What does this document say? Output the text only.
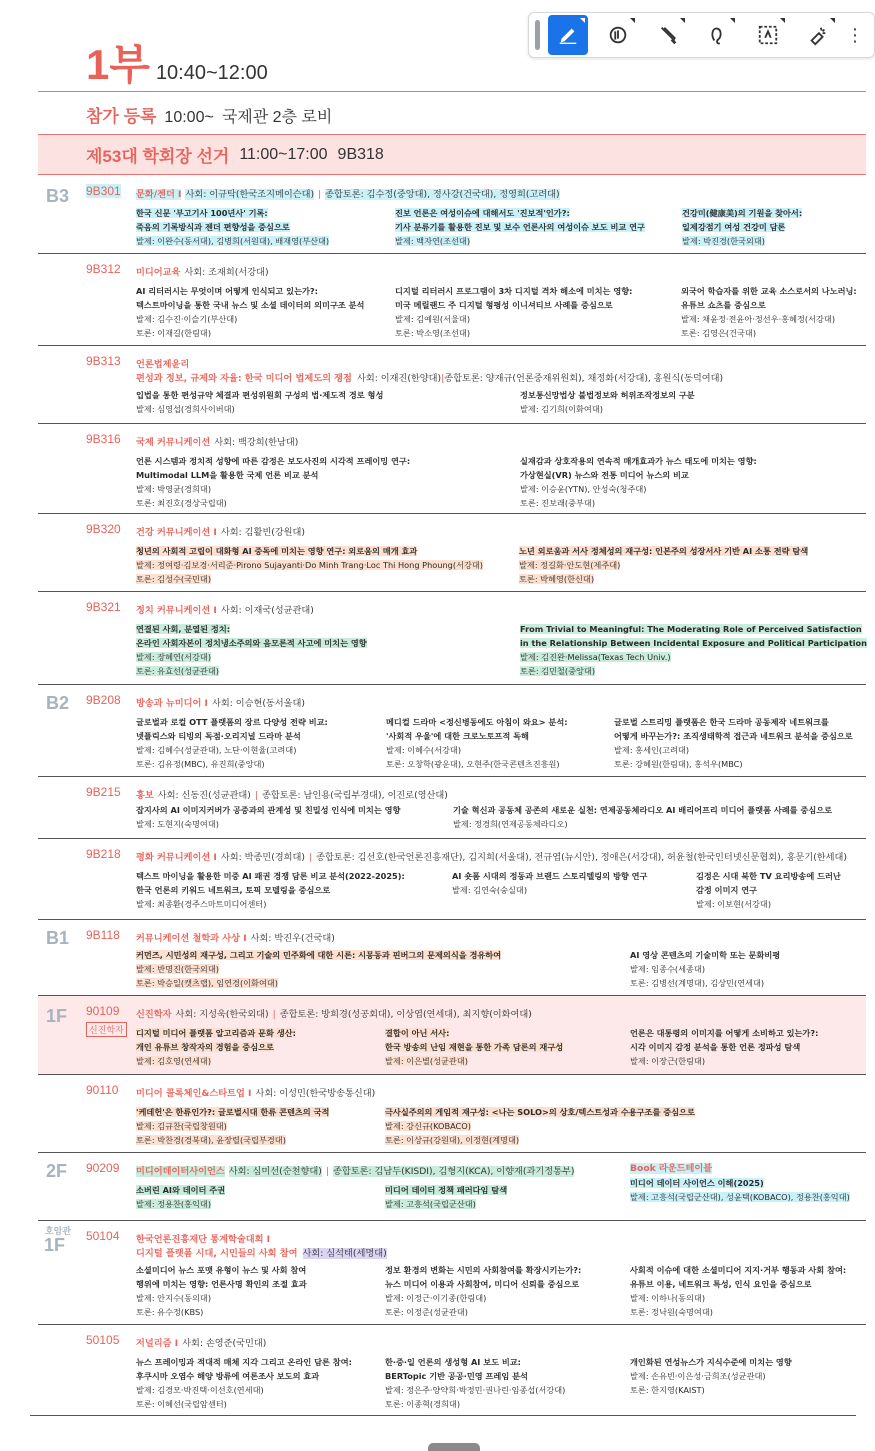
⋮
1부 10:40~12:00
참가 등록 10:00~ 국제관 2층 로비
제53대 학회장 선거 11:00~17:00 9B318
B3 9B301 문화/젠더 I 사회: 이규탁(한국조지메이슨대) | 종합토론: 김수정(중앙대), 정사강(건국대), 정영희(고려대)
한국 신문 '부고기사 100년사' 기록:
죽음의 기록방식과 젠더 편향성을 중심으로
발제: 이완수(동서대), 김병희(서원대), 배재영(부산대)
진보 언론은 여성이슈에 대해서도 '진보적'인가?:
기사 분류기를 활용한 진보 및 보수 언론사의 여성이슈 보도 비교 연구
발제: 백자연(조선대)
건강미(健康美)의 기원을 찾아서:
일제강점기 여성 건강미 담론
발제: 박진경(한국외대)
9B312 미디어교육 사회: 조재희(서강대)
AI 리터러시는 무엇이며 어떻게 인식되고 있는가?:
텍스트마이닝을 통한 국내 뉴스 및 소셜 데이터의 의미구조 분석
발제: 김수진·이슬기(부산대)
토론: 이재길(한림대)
디지털 리터러시 프로그램이 3차 디지털 격차 해소에 미치는 영향:
미국 메릴랜드 주 디지털 형평성 이니셔티브 사례를 중심으로
발제: 김예원(서울대)
토론: 박소영(조선대)
외국어 학습자를 위한 교육 소스로서의 나노러닝:
유튜브 쇼츠를 중심으로
발제: 채윤정·전윤아·정선우·홍혜정(서강대)
토론: 김영은(건국대)
9B313 언론법제윤리
편성과 정보, 규제와 자율: 한국 미디어 법제도의 쟁점 사회: 이재진(한양대)|종합토론: 양재규(언론중재위원회), 채정화(서강대), 홍원식(동덕여대)
입법을 통한 편성규약 체결과 편성위원회 구성의 법·제도적 경로 형성
발제: 심영섭(경희사이버대)
정보통신망법상 불법정보와 허위조작정보의 구분
발제: 김기희(이화여대)
9B316 국제 커뮤니케이션 사회: 백강희(한남대)
언론 시스템과 정치적 성향에 따른 감정은 보도사진의 시각적 프레이밍 연구:
Multimodal LLM을 활용한 국제 언론 비교 분석
발제: 박영균(경희대)
토론: 최진호(경상국립대)
실재감과 상호작용의 연속적 매개효과가 뉴스 태도에 미치는 영향:
가상현실(VR) 뉴스와 전통 미디어 뉴스의 비교
발제: 이승윤(YTN), 안성숙(청주대)
토론: 진보래(중부대)
9B320 건강 커뮤니케이션 I 사회: 김활빈(강원대)
청년의 사회적 고립이 대화형 AI 중독에 미치는 영향 연구: 외로움의 매개 효과
발제: 정여령·김보경·서리준·Pirono Sujayanti·Do Minh Trang·Loc Thi Hong Phoung(서강대)
토론: 김성수(국민대)
노년 외로움과 서사 정체성의 재구성: 인본주의 성장서사 기반 AI 소통 전략 탐색
발제: 정길화·안도현(제주대)
토론: 박혜영(한신대)
9B321 정치 커뮤니케이션 I 사회: 이재국(성균관대)
연결된 사회, 분열된 정치:
온라인 사회자본이 정치냉소주의와 음모론적 사고에 미치는 영향
발제: 장혜연(서강대)
토론: 유효선(성균관대)
From Trivial to Meaningful: The Moderating Role of Perceived Satisfaction
in the Relationship Between Incidental Exposure and Political Participation
발제: 김진완·Melissa(Texas Tech Univ.)
토론: 김민철(중앙대)
B2 9B208 방송과 뉴미디어 I 사회: 이승현(동서울대)
글로벌과 로컬 OTT 플랫폼의 장르 다양성 전략 비교:
넷플릭스와 티빙의 독점·오리지널 드라마 분석
발제: 김혜수(성균관대), 노단·이현율(고려대)
토론: 김유정(MBC), 유진희(중앙대)
메디컬 드라마 <정신병동에도 아침이 와요> 분석:
'사회적 우울'에 대한 크로노토프적 독해
발제: 이혜수(서강대)
토론: 오창학(광운대), 오현주(한국콘텐츠진흥원)
글로벌 스트리밍 플랫폼은 한국 드라마 공동제작 네트워크를
어떻게 바꾸는가?: 조직생태학적 접근과 네트워크 분석을 중심으로
발제: 홍세인(고려대)
토론: 강혜원(한림대), 홍석우(MBC)
9B215 홍보 사회: 신동진(성균관대) | 종합토론: 남인용(국립부경대), 이진로(영산대)
잡지사의 AI 이미지커버가 공중과의 관계성 및 친밀성 인식에 미치는 영향
발제: 도현지(숙명여대)
기술 혁신과 공동체 공존의 새로운 실천: 연제공동체라디오 AI 배리어프리 미디어 플랫폼 사례를 중심으로
발제: 정경희(연제공동체라디오)
9B218 평화 커뮤니케이션 I 사회: 박종민(경희대) | 종합토론: 김선호(한국언론진흥재단), 김지희(서울대), 전규엽(뉴시안), 정애은(서강대), 허윤철(한국인터넷신문협회), 홍문기(한세대)
텍스트 마이닝을 활용한 미중 AI 패권 경쟁 담론 비교 분석(2022-2025):
한국 언론의 키워드 네트워크, 토픽 모델링을 중심으로
발제: 최종환(경주스마트미디어센터)
AI 숏폼 시대의 정동과 브랜드 스토리텔링의 방향 연구
발제: 김연숙(숭실대)
김정은 시대 북한 TV 요리방송에 드러난
감정 이미지 연구
발제: 이보현(서강대)
B1 9B118 커뮤니케이션 철학과 사상 I 사회: 박진우(건국대)
커먼즈, 시민성의 재구성, 그리고 기술의 민주화에 대한 시론: 시몽동과 핀버그의 문제의식을 경유하여
발제: 반명진(한국외대)
토론: 박승일(캣츠랩), 임연경(이화여대)
AI 영상 콘텐츠의 기술미학 또는 문화비평
발제: 임종수(세종대)
토론: 김병선(계명대), 김상민(연세대)
1F 90109
신진학자
신진학자 사회: 지성욱(한국외대) | 종합토론: 방희경(성공회대), 이상엽(연세대), 최지향(이화여대)
디지털 미디어 플랫폼 알고리즘과 문화 생산:
개인 유튜브 창작자의 경험을 중심으로
발제: 김호영(연세대)
결합이 아닌 서사:
한국 방송의 난임 재현을 통한 가족 담론의 재구성
발제: 이은별(성균관대)
언론은 대통령의 이미지를 어떻게 소비하고 있는가?:
시각 이미지 감정 분석을 통한 언론 정파성 탐색
발제: 이장근(한림대)
90110 미디어 콜록체인&스타트업 I 사회: 이성민(한국방송통신대)
'케데헌'은 한류인가?: 글로벌시대 한류 콘텐츠의 국적
발제: 김규찬(국립창원대)
토론: 박찬경(경북대), 윤장렬(국립부경대)
극사실주의의 게임적 재구성: <나는 SOLO>의 상호/텍스트성과 수용구조를 중심으로
발제: 강신규(KOBACO)
토론: 이상규(강원대), 이정현(계명대)
2F 90209 미디어데이터사이언스 사회: 심미선(순천향대) | 종합토론: 김남두(KISDI), 김형지(KCA), 이향재(과기정통부)
소버린 AI와 데이터 주권
발제: 정용찬(홍익대)
미디어 데이터 정책 패러다임 탐색
발제: 고흥석(국립군산대)
Book 라운드테이블
미디어 데이터 사이언스 이해(2025)
발제: 고흥석(국립군산대), 성윤택(KOBACO), 정용찬(홍익대)
호암관
1F	50104 한국언론진흥재단 통계학술대회 I
디지털 플랫폼 시대, 시민들의 사회 참여 사회: 심석태(세명대)
소셜미디어 뉴스 포맷 유형이 뉴스 및 사회 참여
행위에 미치는 영향: 언론사명 확인의 조절 효과
발제: 안지수(동의대)
토론: 유수정(KBS)
정보 환경의 변화는 시민의 사회참여를 확장시키는가?:
뉴스 미디어 이용과 사회참여, 미디어 신뢰를 중심으로
발제: 이정근·이기종(한림대)
토론: 이정준(성균관대)
사회적 이슈에 대한 소셜미디어 지지·거부 행동과 사회 참여:
유튜브 이용, 네트워크 특성, 인식 요인을 중심으로
발제: 이하나(동의대)
토론: 정낙원(숙명여대)
50105 저널리즘 I 사회: 손영준(국민대)
뉴스 프레이밍과 적대적 매체 지각 그리고 온라인 담론 참여:
후쿠시마 오염수 해양 방류에 여론조사 보도의 효과
발제: 김경모·박진택·이선호(연세대)
토론: 이혜선(국립암센터)
한·중·일 언론의 생성형 AI 보도 비교:
BERTopic 기반 공공·민영 프레임 분석
발제: 정은주·양약희·박정민·권나린·임종섭(서강대)
토론: 이종혁(경희대)
개인화된 연성뉴스가 지식수준에 미치는 영향
발제: 손유빈·이은성·금희조(성균관대)
토론: 한지영(KAIST)
